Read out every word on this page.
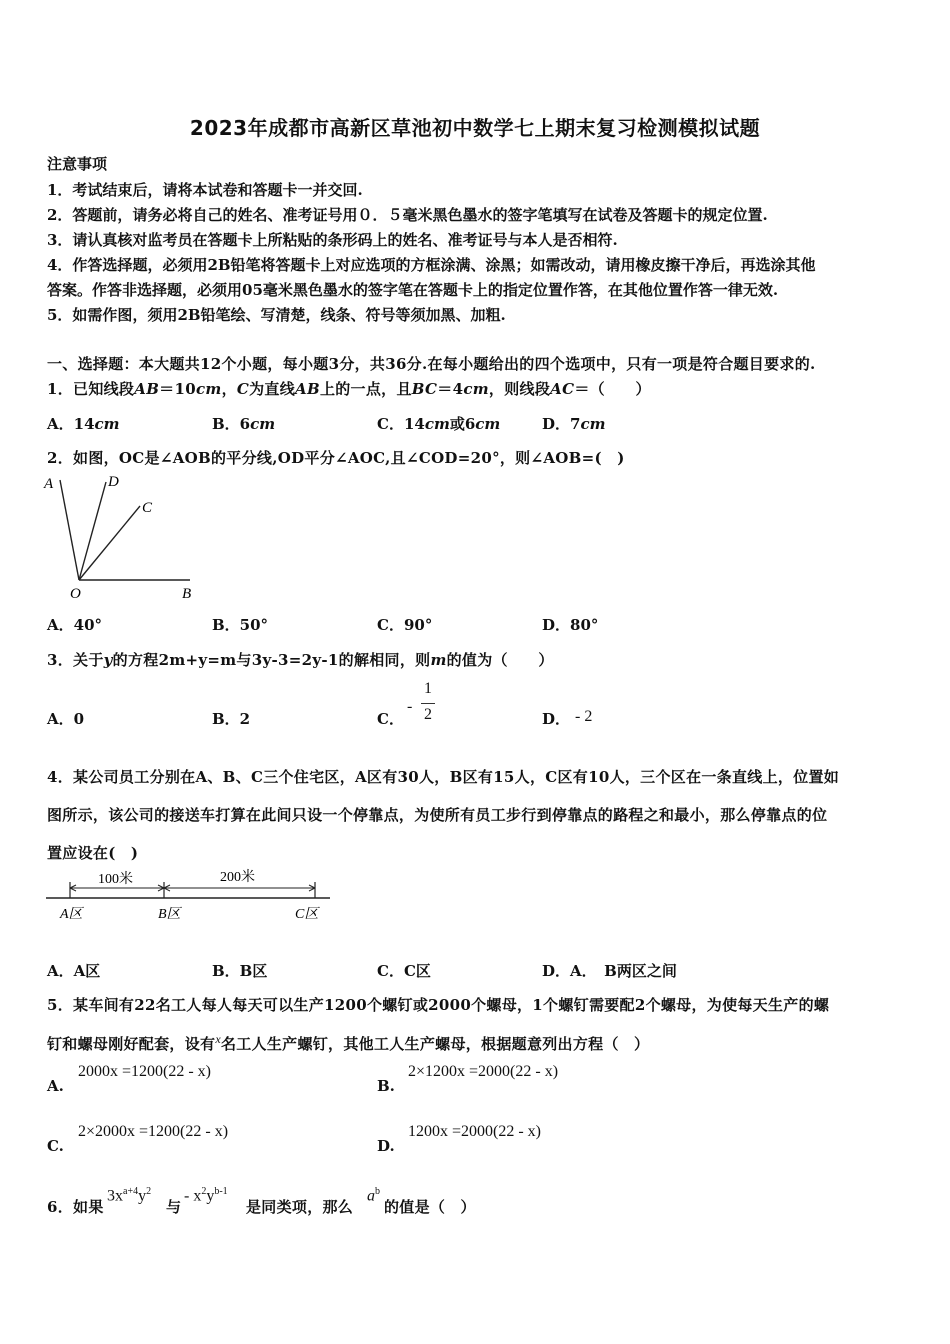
2023年成都市高新区草池初中数学七上期末复习检测模拟试题
注意事项
1．考试结束后，请将本试卷和答题卡一并交回.
2．答题前，请务必将自己的姓名、准考证号用０．５毫米黑色墨水的签字笔填写在试卷及答题卡的规定位置.
3．请认真核对监考员在答题卡上所粘贴的条形码上的姓名、准考证号与本人是否相符.
4．作答选择题，必须用2B铅笔将答题卡上对应选项的方框涂满、涂黑；如需改动，请用橡皮擦干净后，再选涂其他
答案。作答非选择题，必须用05毫米黑色墨水的签字笔在答题卡上的指定位置作答，在其他位置作答一律无效.
5．如需作图，须用2B铅笔绘、写清楚，线条、符号等须加黑、加粗.
一、选择题：本大题共12个小题，每小题3分，共36分.在每小题给出的四个选项中，只有一项是符合题目要求的.
1．已知线段AB＝10cm，C为直线AB上的一点，且BC＝4cm，则线段AC＝（　　）
A．14cm	B．6cm	C．14cm或6cm	D．7cm
2．如图，OC是∠AOB的平分线,OD平分∠AOC,且∠COD=20°，则∠AOB=(　)
A	D
C
O	B
A．40°	B．50°	C．90°	D．80°
3．关于y的方程2m+y=m与3y-3=2y-1的解相同，则m的值为（　　）
A．0	B．2	C．
-
1
2	D． - 2
4．某公司员工分别在A、B、C三个住宅区，A区有30人，B区有15人，C区有10人，三个区在一条直线上，位置如
图所示，该公司的接送车打算在此间只设一个停靠点，为使所有员工步行到停靠点的路程之和最小，那么停靠点的位
置应设在(　)
100米	200米
A区	B区	C区
A．A区	B．B区	C．C区	D．A．　B两区之间
5．某车间有22名工人每人每天可以生产1200个螺钉或2000个螺母，1个螺钉需要配2个螺母，为使每天生产的螺
钉和螺母刚好配套，设有$^x$名工人生产螺钉，其他工人生产螺母，根据题意列出方程（　）
A.
2000x =1200(22 - x)
B.
2×1200x =2000(22 - x)
C.
2×2000x =1200(22 - x)
D.
1200x =2000(22 - x)
6．如果
$3x^{a+4}y^2$
与
- $x^2y^{b-1}$
是同类项，那么
$a^b$
的值是（　）
